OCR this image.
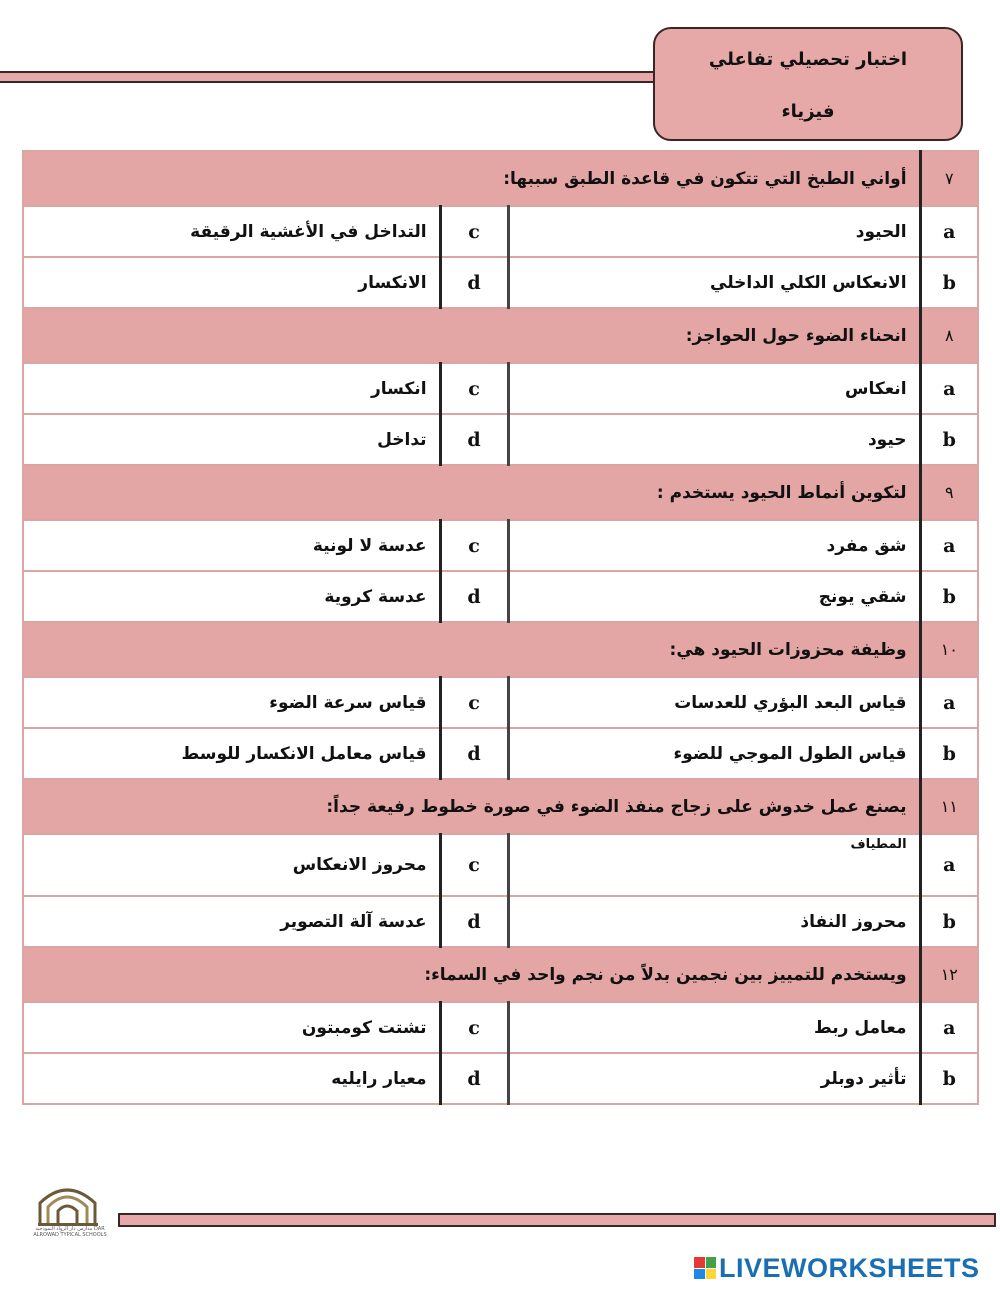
اختبار تحصيلي تفاعلي
فيزياء
٧	أواني الطبخ التي تتكون في قاعدة الطبق سببها:		
a	الحيود	c	التداخل في الأغشية الرقيقة
b	الانعكاس الكلي الداخلي	d	الانكسار
٨	انحناء الضوء حول الحواجز:		
a	انعكاس	c	انكسار
b	حيود	d	تداخل
٩	لتكوين أنماط الحيود يستخدم :		
a	شق مفرد	c	عدسة لا لونية
b	شقي يونج	d	عدسة كروية
١٠	وظيفة محزوزات الحيود هي:		
a	قياس البعد البؤري للعدسات	c	قياس سرعة الضوء
b	قياس الطول الموجي للضوء	d	قياس معامل الانكسار للوسط
١١	يصنع عمل خدوش على زجاج منفذ الضوء في صورة خطوط رفيعة جداً:		
a	المطياف	c	محروز الانعكاس
b	محروز النفاذ	d	عدسة آلة التصوير
١٢	ويستخدم للتمييز بين نجمين بدلاً من نجم واحد في السماء:		
a	معامل ربط	c	تشتت كومبتون
b	تأثير دوبلر	d	معيار رايليه
مدارس دار الرواد النموذجية DAR ALROWAD TYPICAL SCHOOLS
LIVEWORKSHEETS
